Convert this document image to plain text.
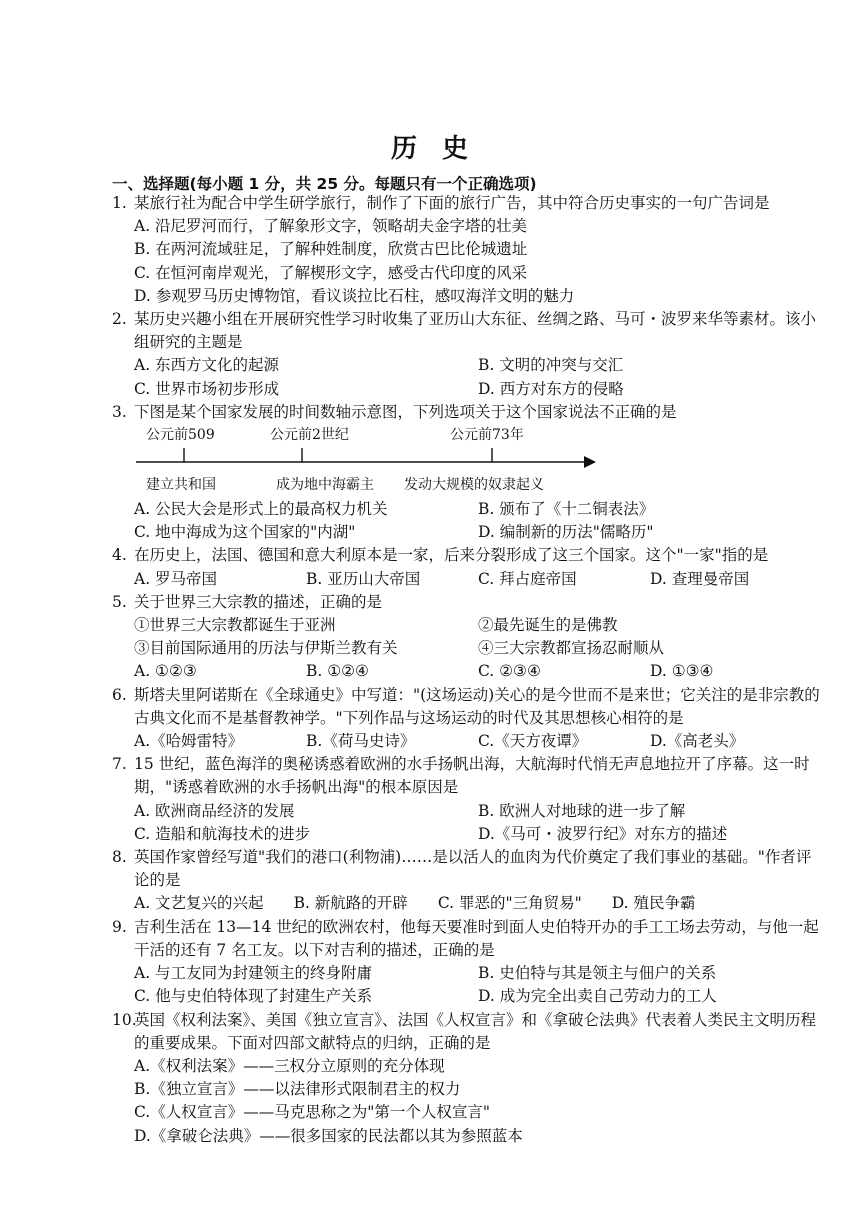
历 史
一、选择题(每小题 1 分，共 25 分。每题只有一个正确选项)
1. 某旅行社为配合中学生研学旅行，制作了下面的旅行广告，其中符合历史事实的一句广告词是
A. 沿尼罗河而行，了解象形文字，领略胡夫金字塔的壮美
B. 在两河流域驻足，了解种姓制度，欣赏古巴比伦城遗址
C. 在恒河南岸观光，了解楔形文字，感受古代印度的风采
D. 参观罗马历史博物馆，看议谈拉比石柱，感叹海洋文明的魅力
2. 某历史兴趣小组在开展研究性学习时收集了亚历山大东征、丝绸之路、马可・波罗来华等素材。该小组研究的主题是
A. 东西方文化的起源	B. 文明的冲突与交汇
C. 世界市场初步形成	D. 西方对东方的侵略
3. 下图是某个国家发展的时间数轴示意图，下列选项关于这个国家说法不正确的是
公元前509	公元前2世纪	公元前73年
建立共和国	成为地中海霸主 发动大规模的奴隶起义
A. 公民大会是形式上的最高权力机关	B. 颁布了《十二铜表法》
C. 地中海成为这个国家的"内湖"	D. 编制新的历法"儒略历"
4. 在历史上，法国、德国和意大利原本是一家，后来分裂形成了这三个国家。这个"一家"指的是
A. 罗马帝国	B. 亚历山大帝国	C. 拜占庭帝国	D. 查理曼帝国
5. 关于世界三大宗教的描述，正确的是
①世界三大宗教都诞生于亚洲	②最先诞生的是佛教
③目前国际通用的历法与伊斯兰教有关	④三大宗教都宣扬忍耐顺从
A. ①②③	B. ①②④	C. ②③④	D. ①③④
6. 斯塔夫里阿诺斯在《全球通史》中写道："(这场运动)关心的是今世而不是来世；它关注的是非宗教的古典文化而不是基督教神学。"下列作品与这场运动的时代及其思想核心相符的是
A.《哈姆雷特》	B.《荷马史诗》	C.《天方夜谭》	D.《高老头》
7. 15 世纪，蓝色海洋的奥秘诱惑着欧洲的水手扬帆出海，大航海时代悄无声息地拉开了序幕。这一时期，"诱惑着欧洲的水手扬帆出海"的根本原因是
A. 欧洲商品经济的发展	B. 欧洲人对地球的进一步了解
C. 造船和航海技术的进步	D.《马可・波罗行纪》对东方的描述
8. 英国作家曾经写道"我们的港口(利物浦)……是以活人的血肉为代价奠定了我们事业的基础。"作者评论的是
A. 文艺复兴的兴起 B. 新航路的开辟 C. 罪恶的"三角贸易" D. 殖民争霸
9. 吉利生活在 13—14 世纪的欧洲农村，他每天要准时到面人史伯特开办的手工工场去劳动，与他一起干活的还有 7 名工友。以下对吉利的描述，正确的是
A. 与工友同为封建领主的终身附庸	B. 史伯特与其是领主与佃户的关系
C. 他与史伯特体现了封建生产关系	D. 成为完全出卖自己劳动力的工人
10.英国《权利法案》、美国《独立宣言》、法国《人权宣言》和《拿破仑法典》代表着人类民主文明历程的重要成果。下面对四部文献特点的归纳，正确的是
A.《权利法案》——三权分立原则的充分体现
B.《独立宣言》——以法律形式限制君主的权力
C.《人权宣言》——马克思称之为"第一个人权宣言"
D.《拿破仑法典》——很多国家的民法都以其为参照蓝本
